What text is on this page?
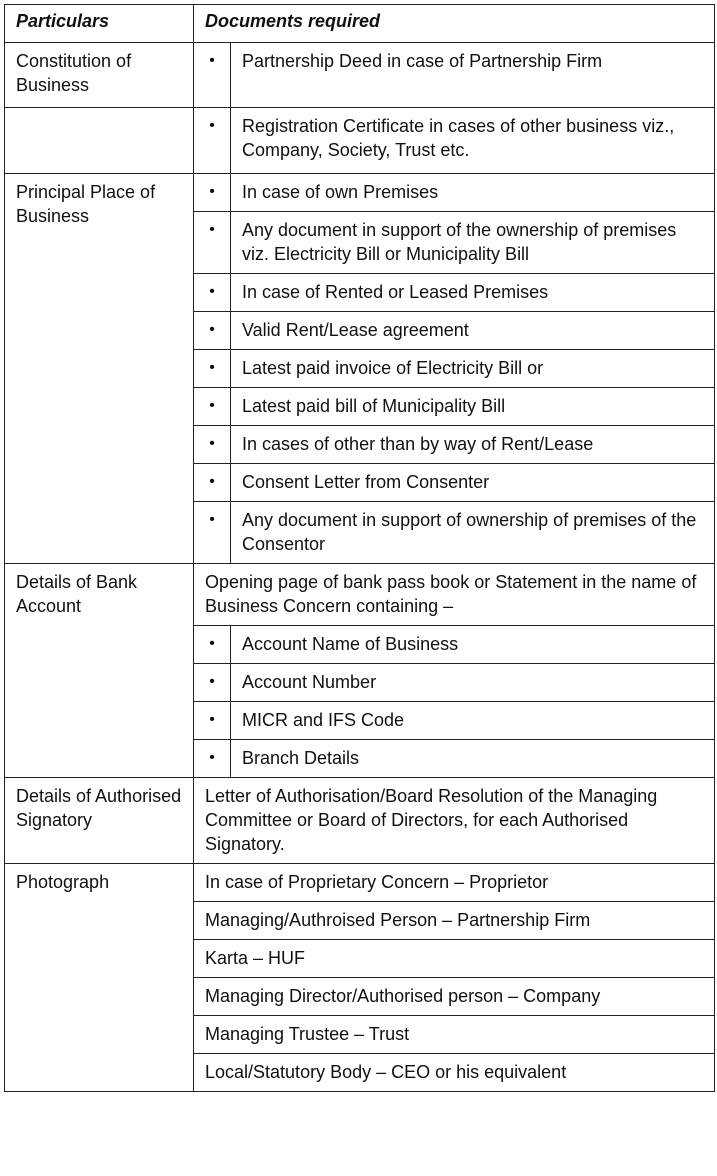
Particulars	Documents required	
Constitution of Business	•	Partnership Deed in case of Partnership Firm
	•	Registration Certificate in cases of other business viz., Company, Society, Trust etc.
Principal Place of Business	•	In case of own Premises
	•	Any document in support of the ownership of premises viz. Electricity Bill or Municipality Bill
	•	In case of Rented or Leased Premises
	•	Valid Rent/Lease agreement
	•	Latest paid invoice of Electricity Bill or
	•	Latest paid bill of Municipality Bill
	•	In cases of other than by way of Rent/Lease
	•	Consent Letter from Consenter
	•	Any document in support of ownership of premises of the Consentor
Details of Bank Account	Opening page of bank pass book or Statement in the name of Business Concern containing –	
	•	Account Name of Business
	•	Account Number
	•	MICR and IFS Code
	•	Branch Details
Details of Authorised Signatory	Letter of Authorisation/Board Resolution of the Managing Committee or Board of Directors, for each Authorised Signatory.	
Photograph	In case of Proprietary Concern – Proprietor	
	Managing/Authroised Person – Partnership Firm	
	Karta – HUF	
	Managing Director/Authorised person – Company	
	Managing Trustee – Trust	
	Local/Statutory Body – CEO or his equivalent	
